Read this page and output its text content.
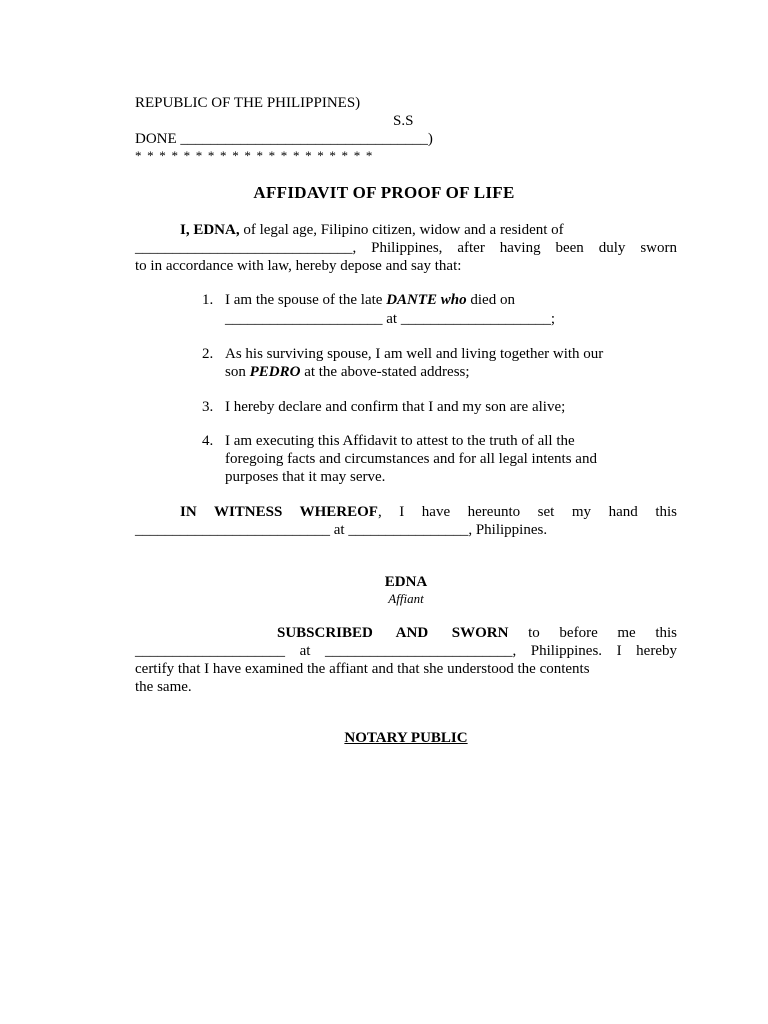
REPUBLIC OF THE PHILIPPINES)
S.S
DONE _________________________________)
* * * * * * * * * * * * * * * * * * * *
AFFIDAVIT OF PROOF OF LIFE
I, EDNA, of legal age, Filipino citizen, widow and a resident of
_____________________________, Philippines, after having been duly sworn
to in accordance with law, hereby depose and say that:
1. I am the spouse of the late DANTE who died on
_____________________ at ____________________;
2. As his surviving spouse, I am well and living together with our
son PEDRO at the above-stated address;
3. I hereby declare and confirm that I and my son are alive;
4. I am executing this Affidavit to attest to the truth of all the
foregoing facts and circumstances and for all legal intents and
purposes that it may serve.
IN WITNESS WHEREOF, I have hereunto set my hand this
__________________________ at ________________, Philippines.
EDNA
Affiant
SUBSCRIBED AND SWORN to before me this
____________________ at _________________________, Philippines. I hereby
certify that I have examined the affiant and that she understood the contents
the same.
NOTARY PUBLIC
